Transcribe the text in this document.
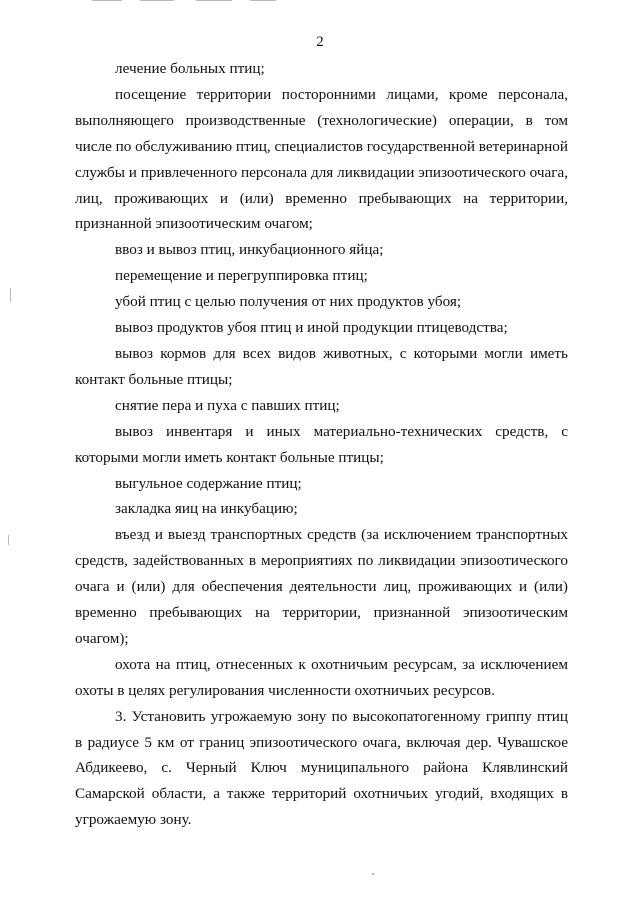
2

лечение больных птиц;

посещение территории посторонними лицами, кроме персонала, выполняющего производственные (технологические) операции, в том числе по обслуживанию птиц, специалистов государственной ветеринарной службы и привлеченного персонала для ликвидации эпизоотического очага, лиц, проживающих и (или) временно пребывающих на территории, признанной эпизоотическим очагом;

ввоз и вывоз птиц, инкубационного яйца;

перемещение и перегруппировка птиц;

убой птиц с целью получения от них продуктов убоя;

вывоз продуктов убоя птиц и иной продукции птицеводства;

вывоз кормов для всех видов животных, с которыми могли иметь контакт больные птицы;

снятие пера и пуха с павших птиц;

вывоз инвентаря и иных материально-технических средств, с которыми могли иметь контакт больные птицы;

выгульное содержание птиц;

закладка яиц на инкубацию;

въезд и выезд транспортных средств (за исключением транспортных средств, задействованных в мероприятиях по ликвидации эпизоотического очага и (или) для обеспечения деятельности лиц, проживающих и (или) временно пребывающих на территории, признанной эпизоотическим очагом);

охота на птиц, отнесенных к охотничьим ресурсам, за исключением охоты в целях регулирования численности охотничьих ресурсов.

3. Установить угрожаемую зону по высокопатогенному гриппу птиц в радиусе 5 км от границ эпизоотического очага, включая дер. Чувашское Абдикеево, с. Черный Ключ муниципального района Клявлинский Самарской области, а также территорий охотничьих угодий, входящих в угрожаемую зону.
